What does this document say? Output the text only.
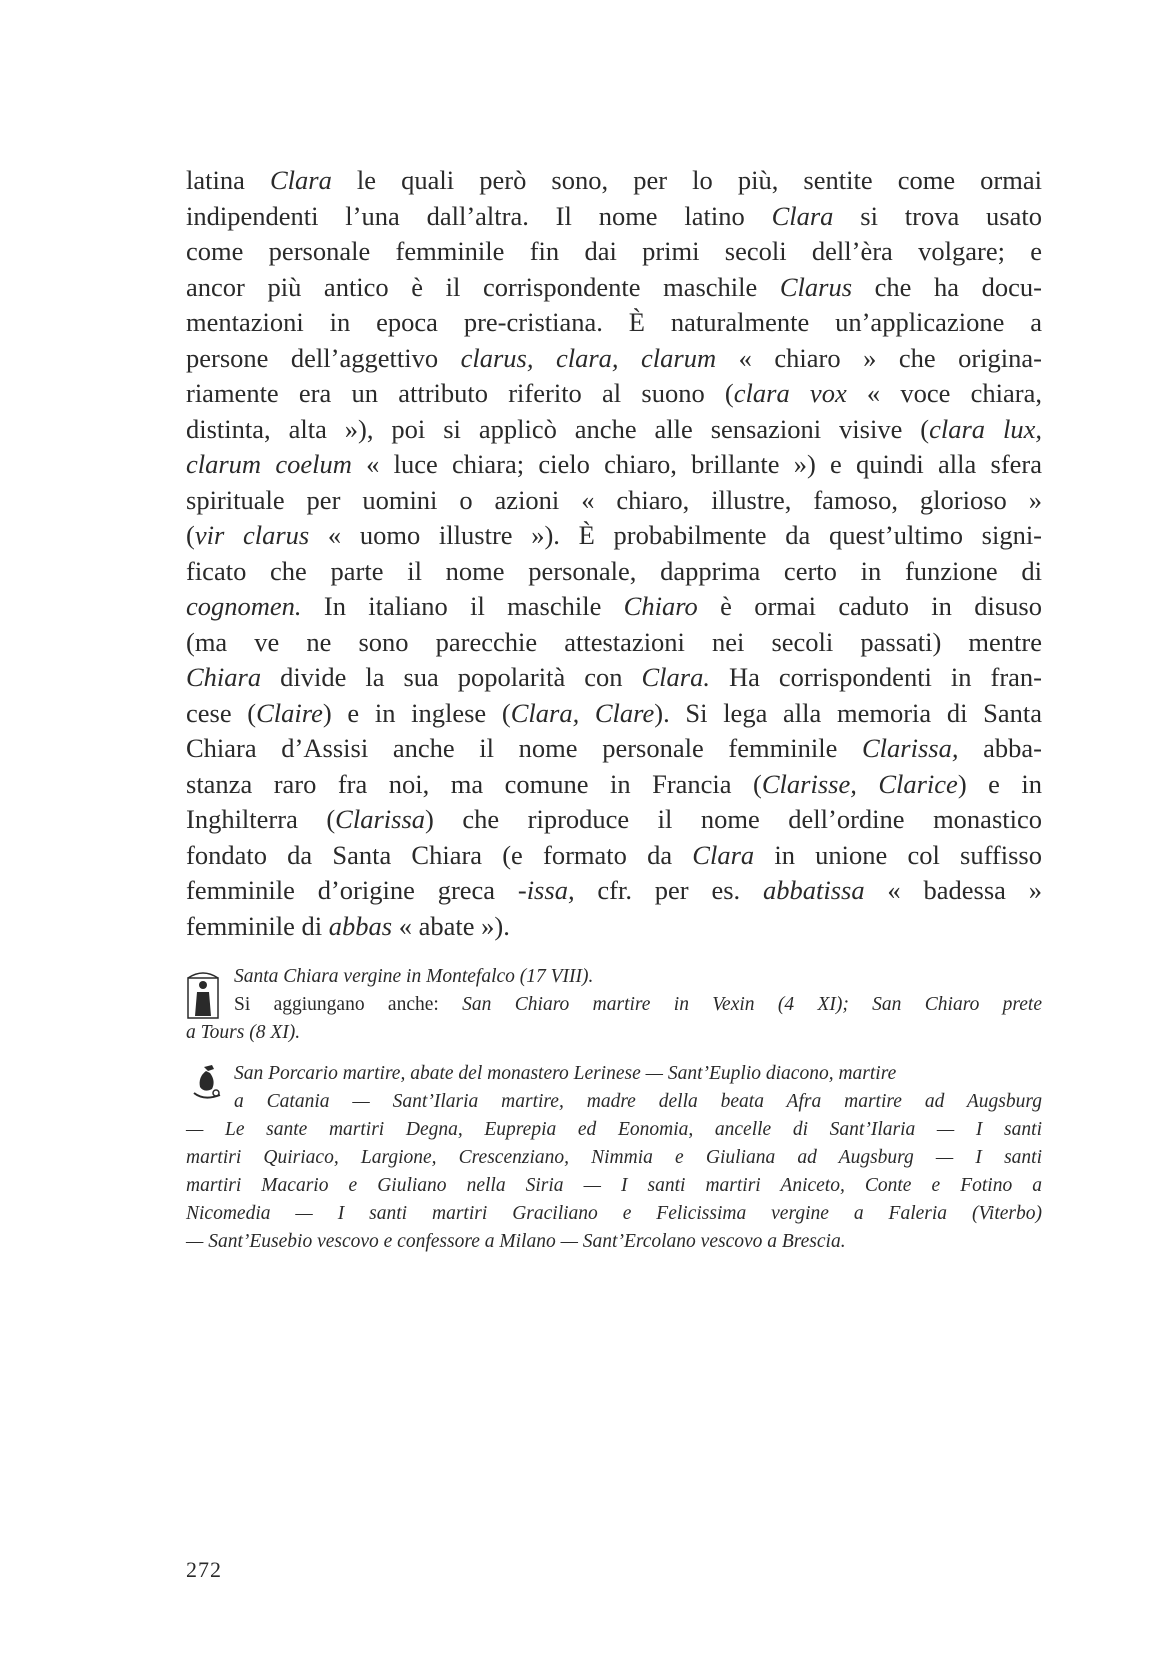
latina Clara le quali però sono, per lo più, sentite come ormai
indipendenti l’una dall’altra. Il nome latino Clara si trova usato
come personale femminile fin dai primi secoli dell’èra volgare; e
ancor più antico è il corrispondente maschile Clarus che ha docu-
mentazioni in epoca pre-cristiana. È naturalmente un’applicazione a
persone dell’aggettivo clarus, clara, clarum « chiaro » che origina-
riamente era un attributo riferito al suono (clara vox « voce chiara,
distinta, alta »), poi si applicò anche alle sensazioni visive (clara lux,
clarum coelum « luce chiara; cielo chiaro, brillante ») e quindi alla sfera
spirituale per uomini o azioni « chiaro, illustre, famoso, glorioso »
(vir clarus « uomo illustre »). È probabilmente da quest’ultimo signi-
ficato che parte il nome personale, dapprima certo in funzione di
cognomen. In italiano il maschile Chiaro è ormai caduto in disuso
(ma ve ne sono parecchie attestazioni nei secoli passati) mentre
Chiara divide la sua popolarità con Clara. Ha corrispondenti in fran-
cese (Claire) e in inglese (Clara, Clare). Si lega alla memoria di Santa
Chiara d’Assisi anche il nome personale femminile Clarissa, abba-
stanza raro fra noi, ma comune in Francia (Clarisse, Clarice) e in
Inghilterra (Clarissa) che riproduce il nome dell’ordine monastico
fondato da Santa Chiara (e formato da Clara in unione col suffisso
femminile d’origine greca -issa, cfr. per es. abbatissa « badessa »
femminile di abbas « abate »).
Santa Chiara vergine in Montefalco (17 VIII).
Si aggiungano anche: San Chiaro martire in Vexin (4 XI); San Chiaro prete
a Tours (8 XI).
San Porcario martire, abate del monastero Lerinese — Sant’Euplio diacono, martire
a Catania — Sant’Ilaria martire, madre della beata Afra martire ad Augsburg
— Le sante martiri Degna, Euprepia ed Eonomia, ancelle di Sant’Ilaria — I santi
martiri Quiriaco, Largione, Crescenziano, Nimmia e Giuliana ad Augsburg — I santi
martiri Macario e Giuliano nella Siria — I santi martiri Aniceto, Conte e Fotino a
Nicomedia — I santi martiri Graciliano e Felicissima vergine a Faleria (Viterbo)
— Sant’Eusebio vescovo e confessore a Milano — Sant’Ercolano vescovo a Brescia.
272
